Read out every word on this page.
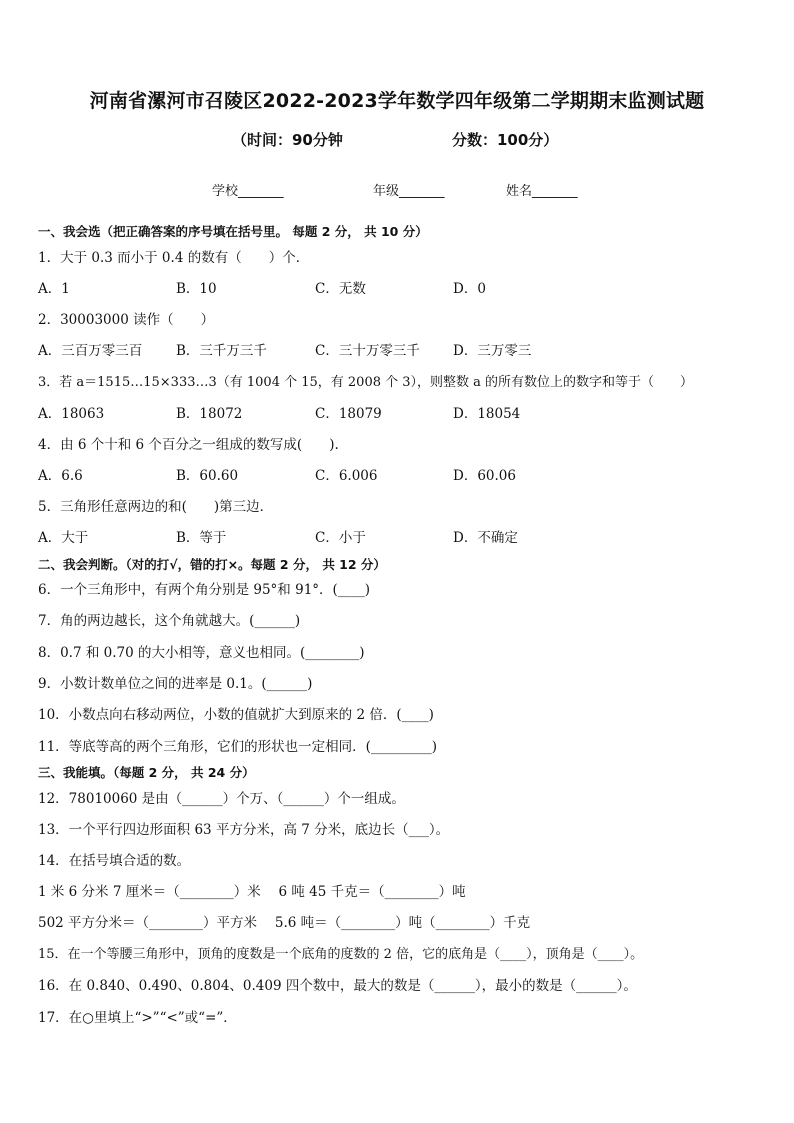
河南省漯河市召陵区2022-2023学年数学四年级第二学期期末监测试题
（时间：90分钟	分数：100分）
学校_______	年级_______	姓名_______
一、我会选（把正确答案的序号填在括号里。 每题 2 分， 共 10 分）
1．大于 0.3 而小于 0.4 的数有（　　）个．
A．1	B．10	C．无数	D．0
2．30003000 读作（　　）
A．三百万零三百	B．三千万三千	C．三十万零三千 D．三万零三
3．若 a＝1515…15×333…3（有 1004 个 15，有 2008 个 3），则整数 a 的所有数位上的数字和等于（　　）
A．18063	B．18072	C．18079	D．18054
4．由 6 个十和 6 个百分之一组成的数写成(　　).
A．6.6	B．60.60	C．6.006	D．60.06
5．三角形任意两边的和(　　)第三边．
A．大于	B．等于	C．小于	D．不确定
二、我会判断。（对的打√，错的打×。每题 2 分， 共 12 分）
6．一个三角形中，有两个角分别是 95°和 91°．(____)
7．角的两边越长，这个角就越大。(______)
8．0.7 和 0.70 的大小相等，意义也相同。(________)
9．小数计数单位之间的进率是 0.1。(______)
10．小数点向右移动两位，小数的值就扩大到原来的 2 倍．(____)
11．等底等高的两个三角形，它们的形状也一定相同．(_________)
三、我能填。（每题 2 分， 共 24 分）
12．78010060 是由（______）个万、（______）个一组成。
13．一个平行四边形面积 63 平方分米，高 7 分米，底边长（___）。
14．在括号填合适的数。
1 米 6 分米 7 厘米＝（________）米　 6 吨 45 千克＝（________）吨
502 平方分米＝（________）平方米　 5.6 吨＝（________）吨（________）千克
15．在一个等腰三角形中，顶角的度数是一个底角的度数的 2 倍，它的底角是（____），顶角是（____）。
16．在 0.840、0.490、0.804、0.409 四个数中，最大的数是（______），最小的数是（______）。
17．在○里填上“>”“<”或“=”．
